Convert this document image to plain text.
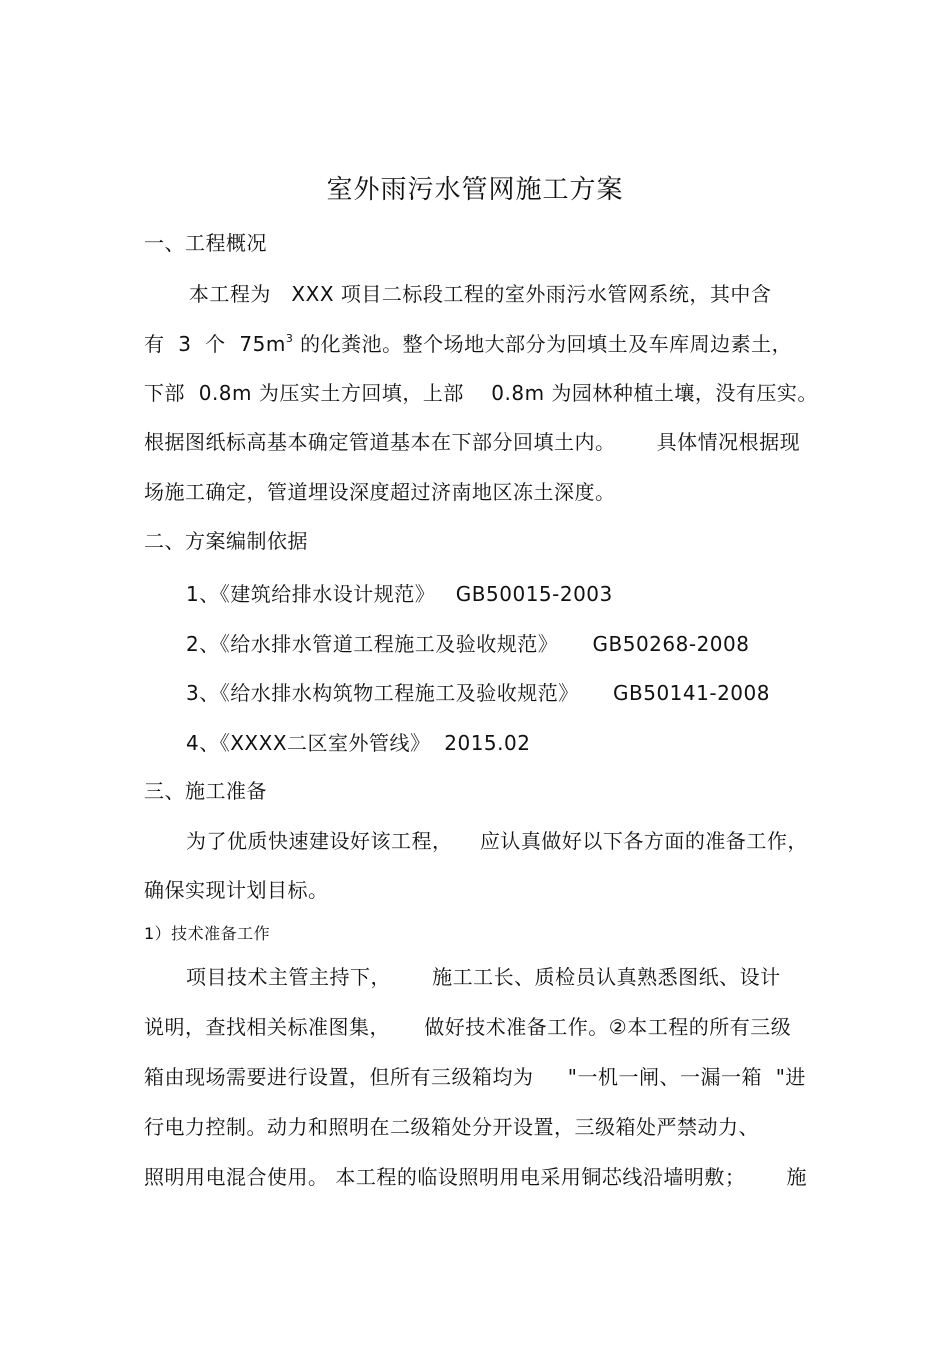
室外雨污水管网施工方案
一、工程概况
本工程为   XXX 项目二标段工程的室外雨污水管网系统，其中含
有  3  个  $75m^3$ 的化粪池。整个场地大部分为回填土及车库周边素土，
下部  0.8m 为压实土方回填，上部    0.8m 为园林种植土壤，没有压实。
根据图纸标高基本确定管道基本在下部分回填土内。      具体情况根据现
场施工确定，管道埋设深度超过济南地区冻土深度。
二、方案编制依据
1、《建筑给排水设计规范》   GB50015-2003
2、《给水排水管道工程施工及验收规范》     GB50268-2008
3、《给水排水构筑物工程施工及验收规范》     GB50141-2008
4、《XXXX二区室外管线》  2015.02
三、施工准备
为了优质快速建设好该工程，    应认真做好以下各方面的准备工作，
确保实现计划目标。
1）技术准备工作
项目技术主管主持下，      施工工长、质检员认真熟悉图纸、设计
说明，查找相关标准图集，     做好技术准备工作。②本工程的所有三级
箱由现场需要进行设置，但所有三级箱均为     "一机一闸、一漏一箱  "进
行电力控制。动力和照明在二级箱处分开设置，三级箱处严禁动力、
照明用电混合使用。 本工程的临设照明用电采用铜芯线沿墙明敷；      施
